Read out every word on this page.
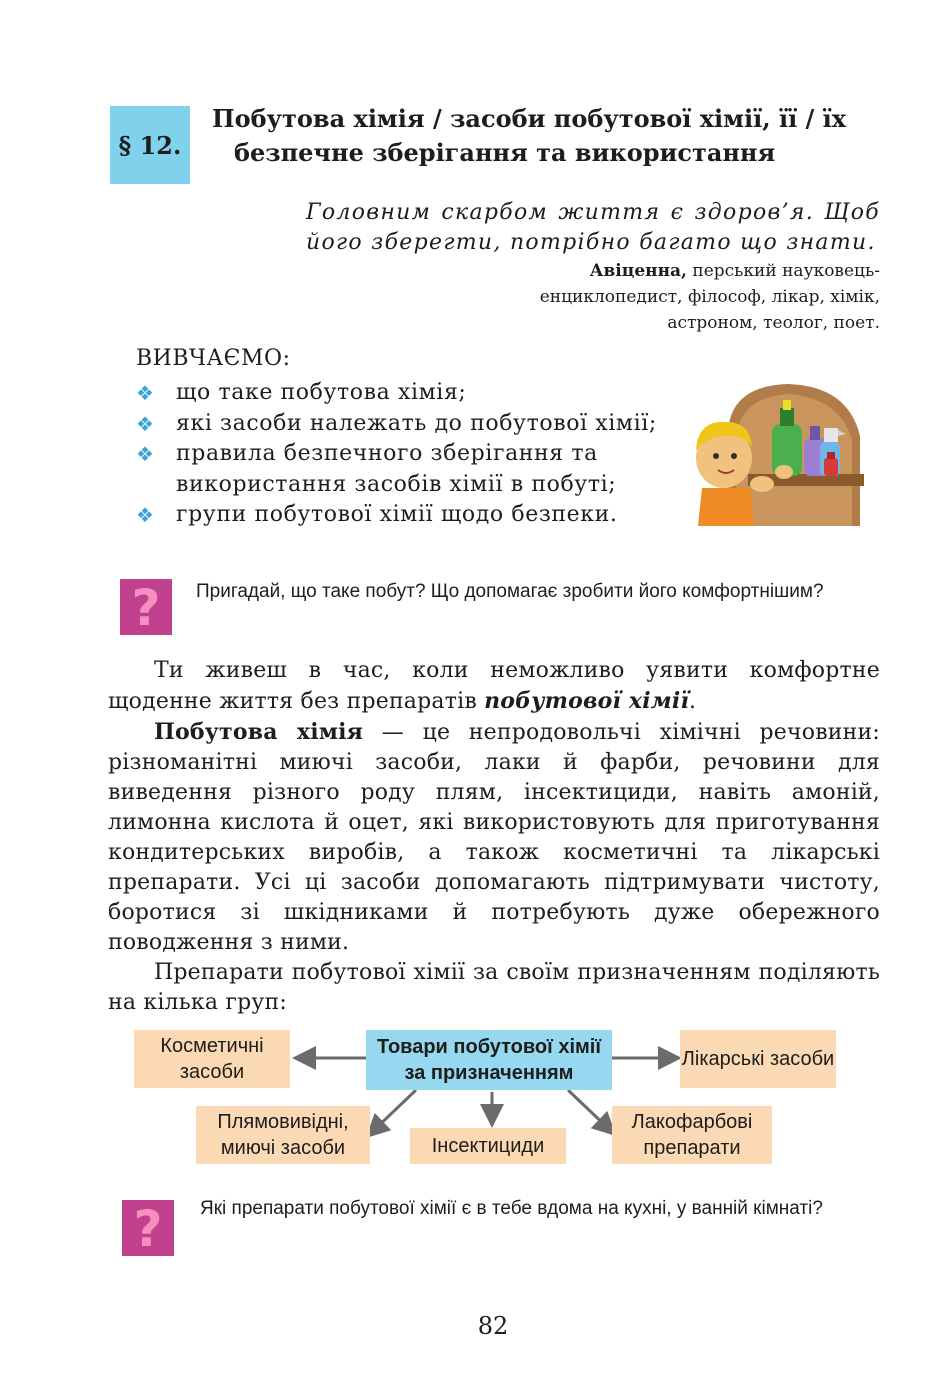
§ 12.
Побутова хімія / засоби побутової хімії, її / їх
безпечне зберігання та використання
Головним скарбом життя є здоров’я. Щоб його зберегти, потрібно багато що знати.
Авіценна, перський науковець-
енциклопедист, філософ, лікар, хімік,
астроном, теолог, поет.
ВИВЧАЄМО:
❖ що таке побутова хімія;
❖ які засоби належать до побутової хімії;
❖ правила безпечного зберігання та використання засобів хімії в побуті;
❖ групи побутової хімії щодо безпеки.
? Пригадай, що таке побут? Що допомагає зробити його комфортнішим?

Ти живеш в час, коли неможливо уявити комфортне щоденне життя без препаратів побутової хімії.

Побутова хімія — це непродовольчі хімічні речовини: різноманітні миючі засоби, лаки й фарби, речовини для виведення різного роду плям, інсектициди, навіть амоній, лимонна кислота й оцет, які використовують для приготування кондитерських виробів, а також косметичні та лікарські препарати. Усі ці засоби допомагають підтримувати чистоту, боротися зі шкідниками й потребують дуже обережного поводження з ними.

Препарати побутової хімії за своїм призначенням поділяють на кілька груп:

Товари побутової хімії за призначенням
Косметичні засоби
Лікарські засоби
Плямовивідні, миючі засоби	Інсектициди
Лакофарбові препарати
? Які препарати побутової хімії є в тебе вдома на кухні, у ванній кімнаті?
82
